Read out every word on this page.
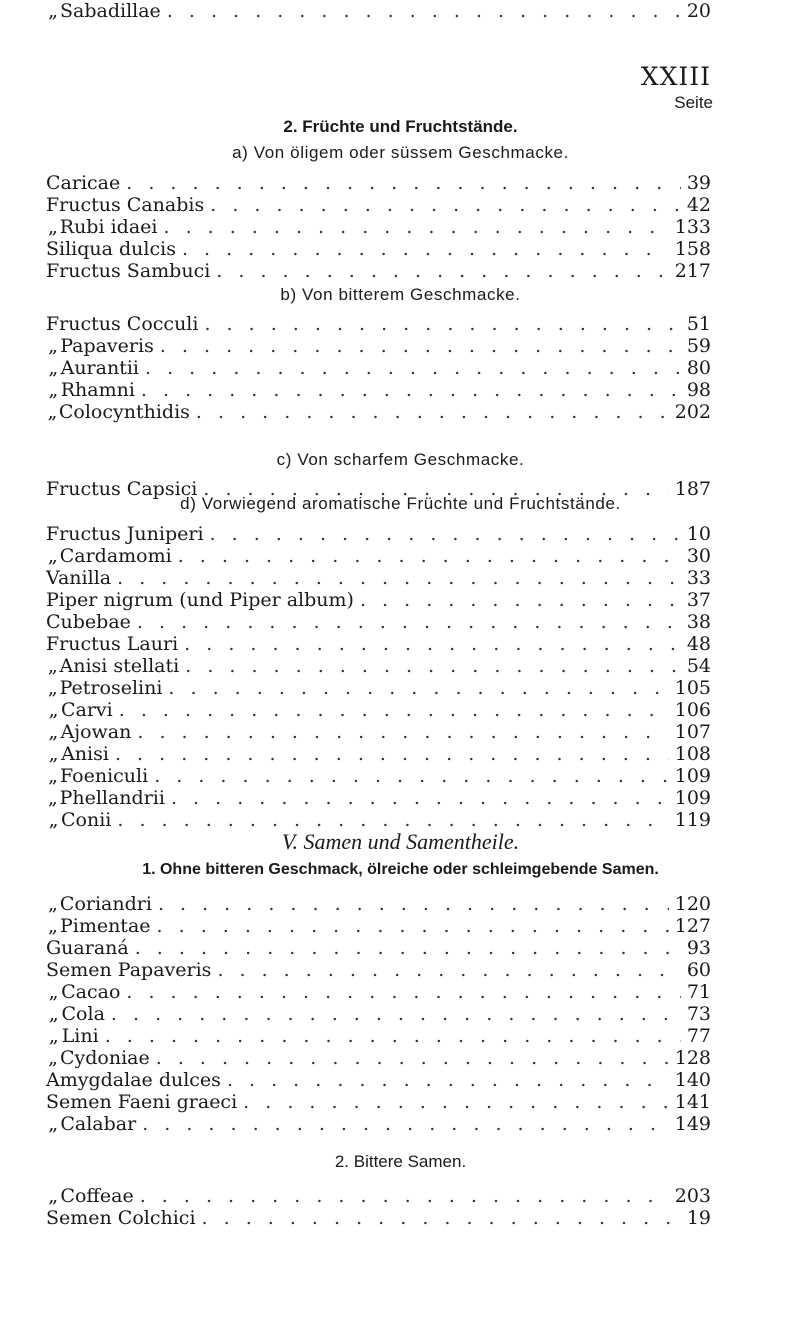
XXIII
Seite
2. Früchte und Fruchtstände.
a) Von öligem oder süssem Geschmacke.
b) Von bitterem Geschmacke.
c) Von scharfem Geschmacke.
d) Vorwiegend aromatische Früchte und Fruchtstände.
V. Samen und Samentheile.
1. Ohne bitteren Geschmack, ölreiche oder schleimgebende Samen.
2. Bittere Samen.
Caricae . . .	39
Fructus Canabis . . .	42
„ Rubi idaei . . .	133
Siliqua dulcis . . .	158
Fructus Sambuci . . .	217
Fructus Cocculi . . .	51
„ Papaveris . . .	59
„ Aurantii . . .	80
„ Rhamni . . .	98
„ Colocynthidis . . .	202
Fructus Capsici . . .	187
Fructus Juniperi . . .	10
„ Cardamomi . . .	30
Vanilla . . .	33
Piper nigrum (und Piper album) . . .	37
Cubebae . . .	38
Fructus Lauri . . .	48
„ Anisi stellati . . .	54
„ Petroselini . . .	105
„ Carvi . . .	106
„ Ajowan . . .	107
„ Anisi . . .	108
„ Foeniculi . . .	109
„ Phellandrii . . .	109
„ Conii . . .	119
„ Coriandri . . .	120
„ Pimentae . . .	127
Guaraná . . .	93
Semen Papaveris . . .	60
„ Cacao . . .	71
„ Cola . . .	73
„ Lini . . .	77
„ Cydoniae . . .	128
Amygdalae dulces . . .	140
Semen Faeni graeci . . .	141
„ Calabar . . .	149
„ Coffeae . . .	203
Semen Colchici . . .	19
„ Sabadillae . . .	20
